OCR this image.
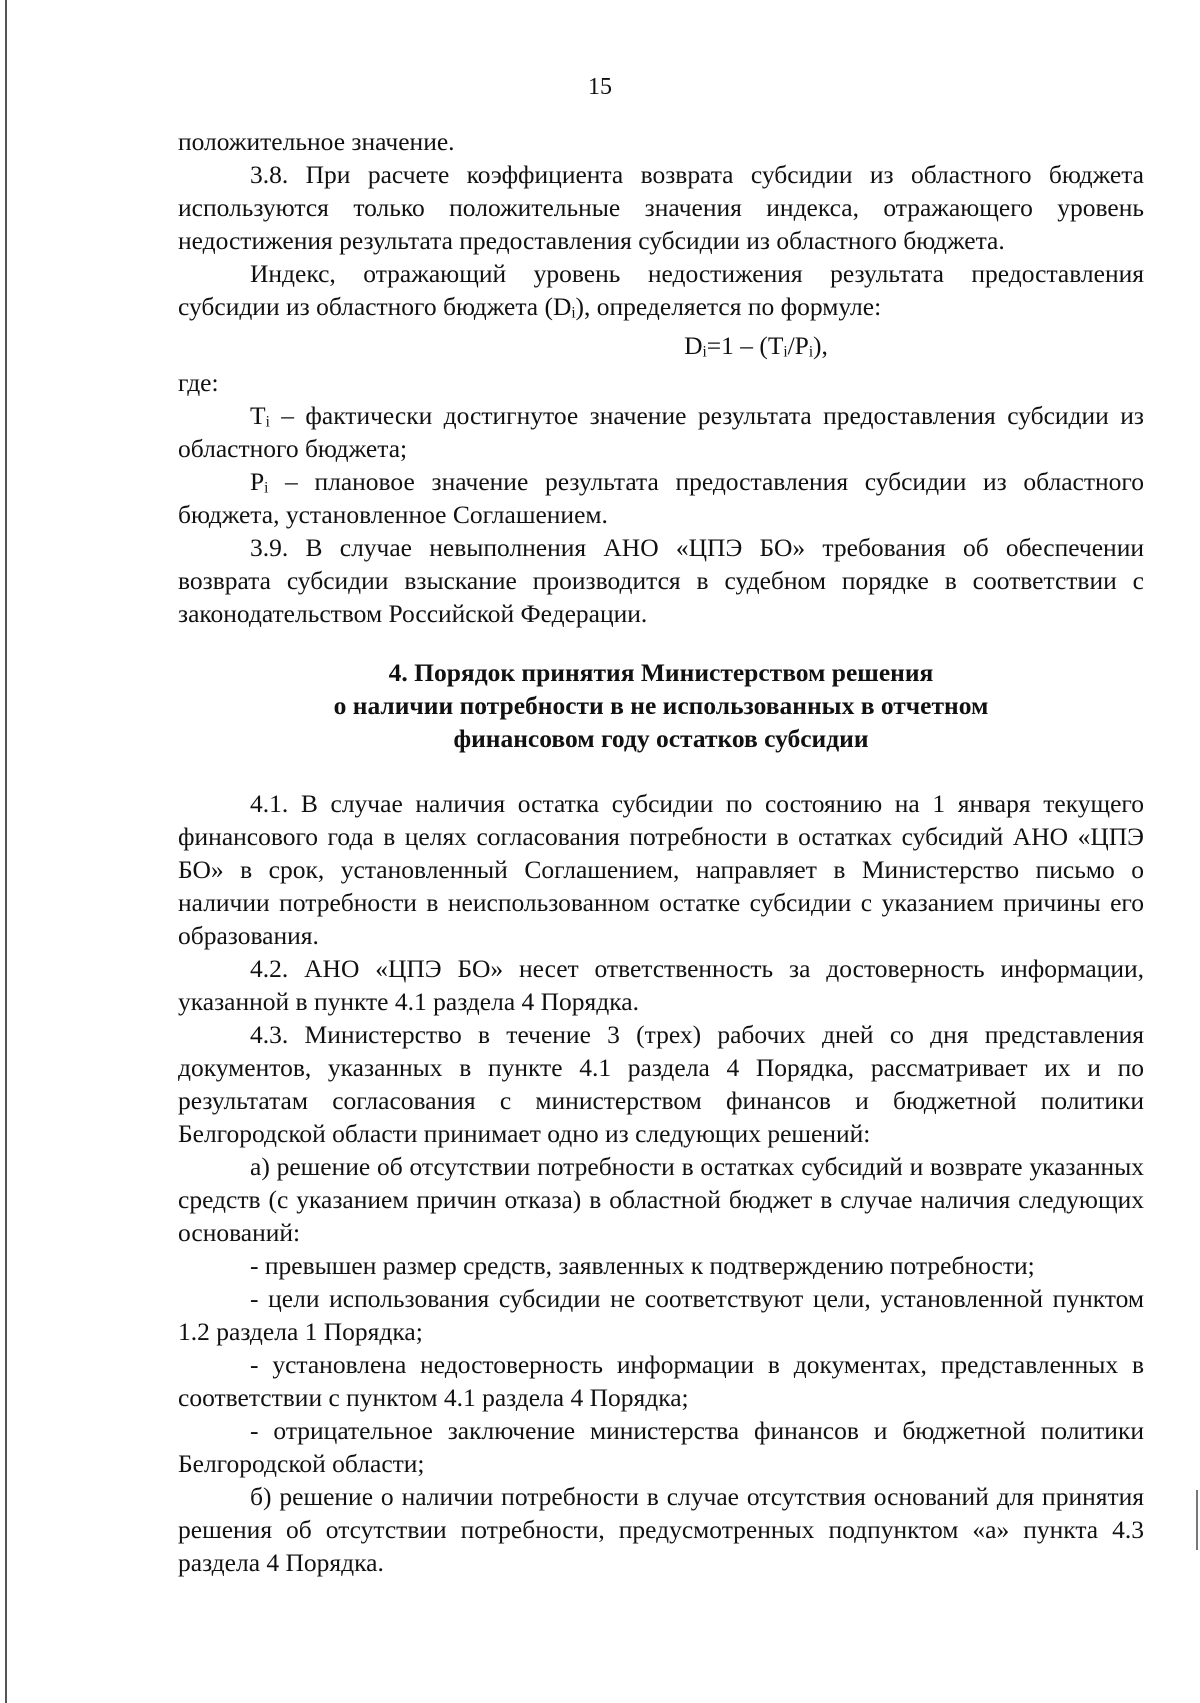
15

положительное значение.

3.8. При расчете коэффициента возврата субсидии из областного бюджета используются только положительные значения индекса, отражающего уровень недостижения результата предоставления субсидии из областного бюджета.

Индекс, отражающий уровень недостижения результата предоставления субсидии из областного бюджета (Dᵢ), определяется по формуле:

Dᵢ=1 – (Tᵢ/Pᵢ),

где:

Tᵢ – фактически достигнутое значение результата предоставления субсидии из областного бюджета;

Pᵢ – плановое значение результата предоставления субсидии из областного бюджета, установленное Соглашением.

3.9. В случае невыполнения АНО «ЦПЭ БО» требования об обеспечении возврата субсидии взыскание производится в судебном порядке в соответствии с законодательством Российской Федерации.

4. Порядок принятия Министерством решения
о наличии потребности в не использованных в отчетном
финансовом году остатков субсидии

4.1. В случае наличия остатка субсидии по состоянию на 1 января текущего финансового года в целях согласования потребности в остатках субсидий АНО «ЦПЭ БО» в срок, установленный Соглашением, направляет в Министерство письмо о наличии потребности в неиспользованном остатке субсидии с указанием причины его образования.

4.2. АНО «ЦПЭ БО» несет ответственность за достоверность информации, указанной в пункте 4.1 раздела 4 Порядка.

4.3. Министерство в течение 3 (трех) рабочих дней со дня представления документов, указанных в пункте 4.1 раздела 4 Порядка, рассматривает их и по результатам согласования с министерством финансов и бюджетной политики Белгородской области принимает одно из следующих решений:

а) решение об отсутствии потребности в остатках субсидий и возврате указанных средств (с указанием причин отказа) в областной бюджет в случае наличия следующих оснований:

- превышен размер средств, заявленных к подтверждению потребности;

- цели использования субсидии не соответствуют цели, установленной пунктом 1.2 раздела 1 Порядка;

- установлена недостоверность информации в документах, представленных в соответствии с пунктом 4.1 раздела 4 Порядка;

- отрицательное заключение министерства финансов и бюджетной политики Белгородской области;

б) решение о наличии потребности в случае отсутствия оснований для принятия решения об отсутствии потребности, предусмотренных подпунктом «а» пункта 4.3 раздела 4 Порядка.
